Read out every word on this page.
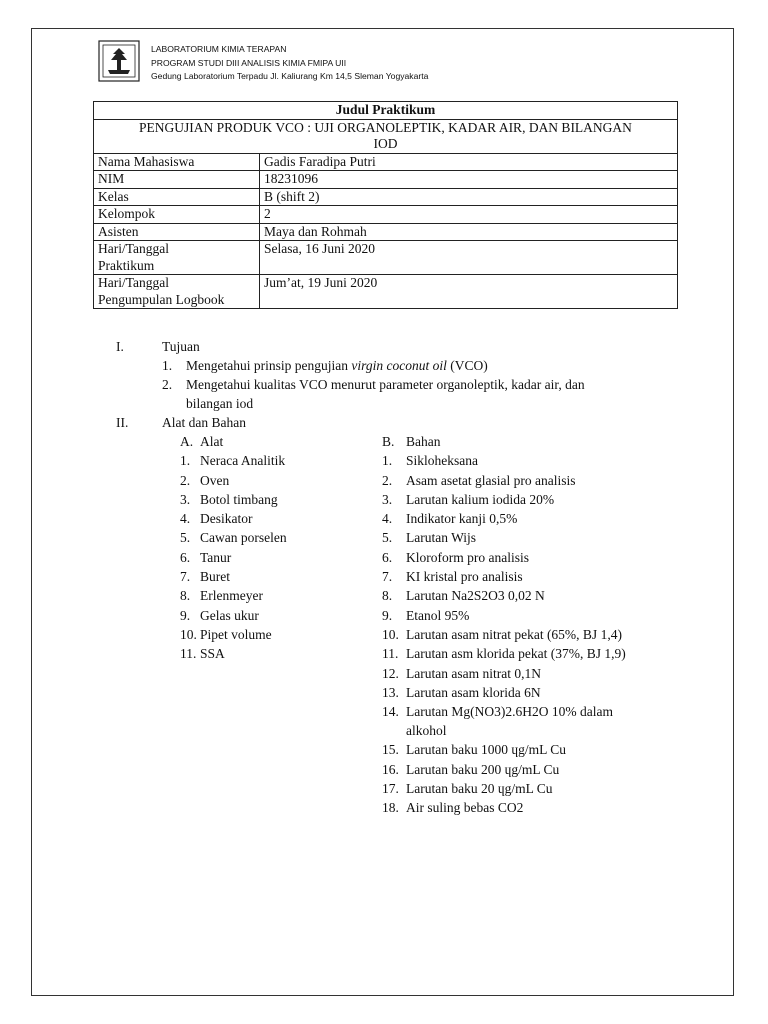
LABORATORIUM KIMIA TERAPAN
PROGRAM STUDI DIII ANALISIS KIMIA FMIPA UII
Gedung Laboratorium Terpadu Jl. Kaliurang Km 14,5 Sleman Yogyakarta
Judul Praktikum	

PENGUJIAN PRODUK VCO : UJI ORGANOLEPTIK, KADAR AIR, DAN BILANGAN
IOD	

Nama Mahasiswa	Gadis Faradipa Putri
NIM	18231096
Kelas	B (shift 2)
Kelompok	2
Asisten	Maya dan Rohmah

Hari/Tanggal
Praktikum	Selasa, 16 Juni 2020

Hari/Tanggal
Pengumpulan Logbook	Jum’at, 19 Juni 2020
I.	Tujuan
1. Mengetahui prinsip pengujian virgin coconut oil (VCO)
2. Mengetahui kualitas VCO menurut parameter organoleptik, kadar air, dan
bilangan iod
II. Alat dan Bahan
A. Alat
1. Neraca Analitik
2. Oven
3. Botol timbang
4. Desikator
5. Cawan porselen
6. Tanur
7. Buret
8. Erlenmeyer
9. Gelas ukur
10. Pipet volume
11. SSA
B. Bahan
1. Sikloheksana
2. Asam asetat glasial pro analisis
3. Larutan kalium iodida 20%
4. Indikator kanji 0,5%
5. Larutan Wijs
6. Kloroform pro analisis
7. KI kristal pro analisis
8. Larutan Na2S2O3 0,02 N
9. Etanol 95%
10. Larutan asam nitrat pekat (65%, BJ 1,4)
11. Larutan asm klorida pekat (37%, BJ 1,9)
12. Larutan asam nitrat 0,1N
13. Larutan asam klorida 6N
14. Larutan Mg(NO3)2.6H2O 10% dalam
alkohol
15. Larutan baku 1000 ɥg/mL Cu
16. Larutan baku 200 ɥg/mL Cu
17. Larutan baku 20 ɥg/mL Cu
18. Air suling bebas CO2
